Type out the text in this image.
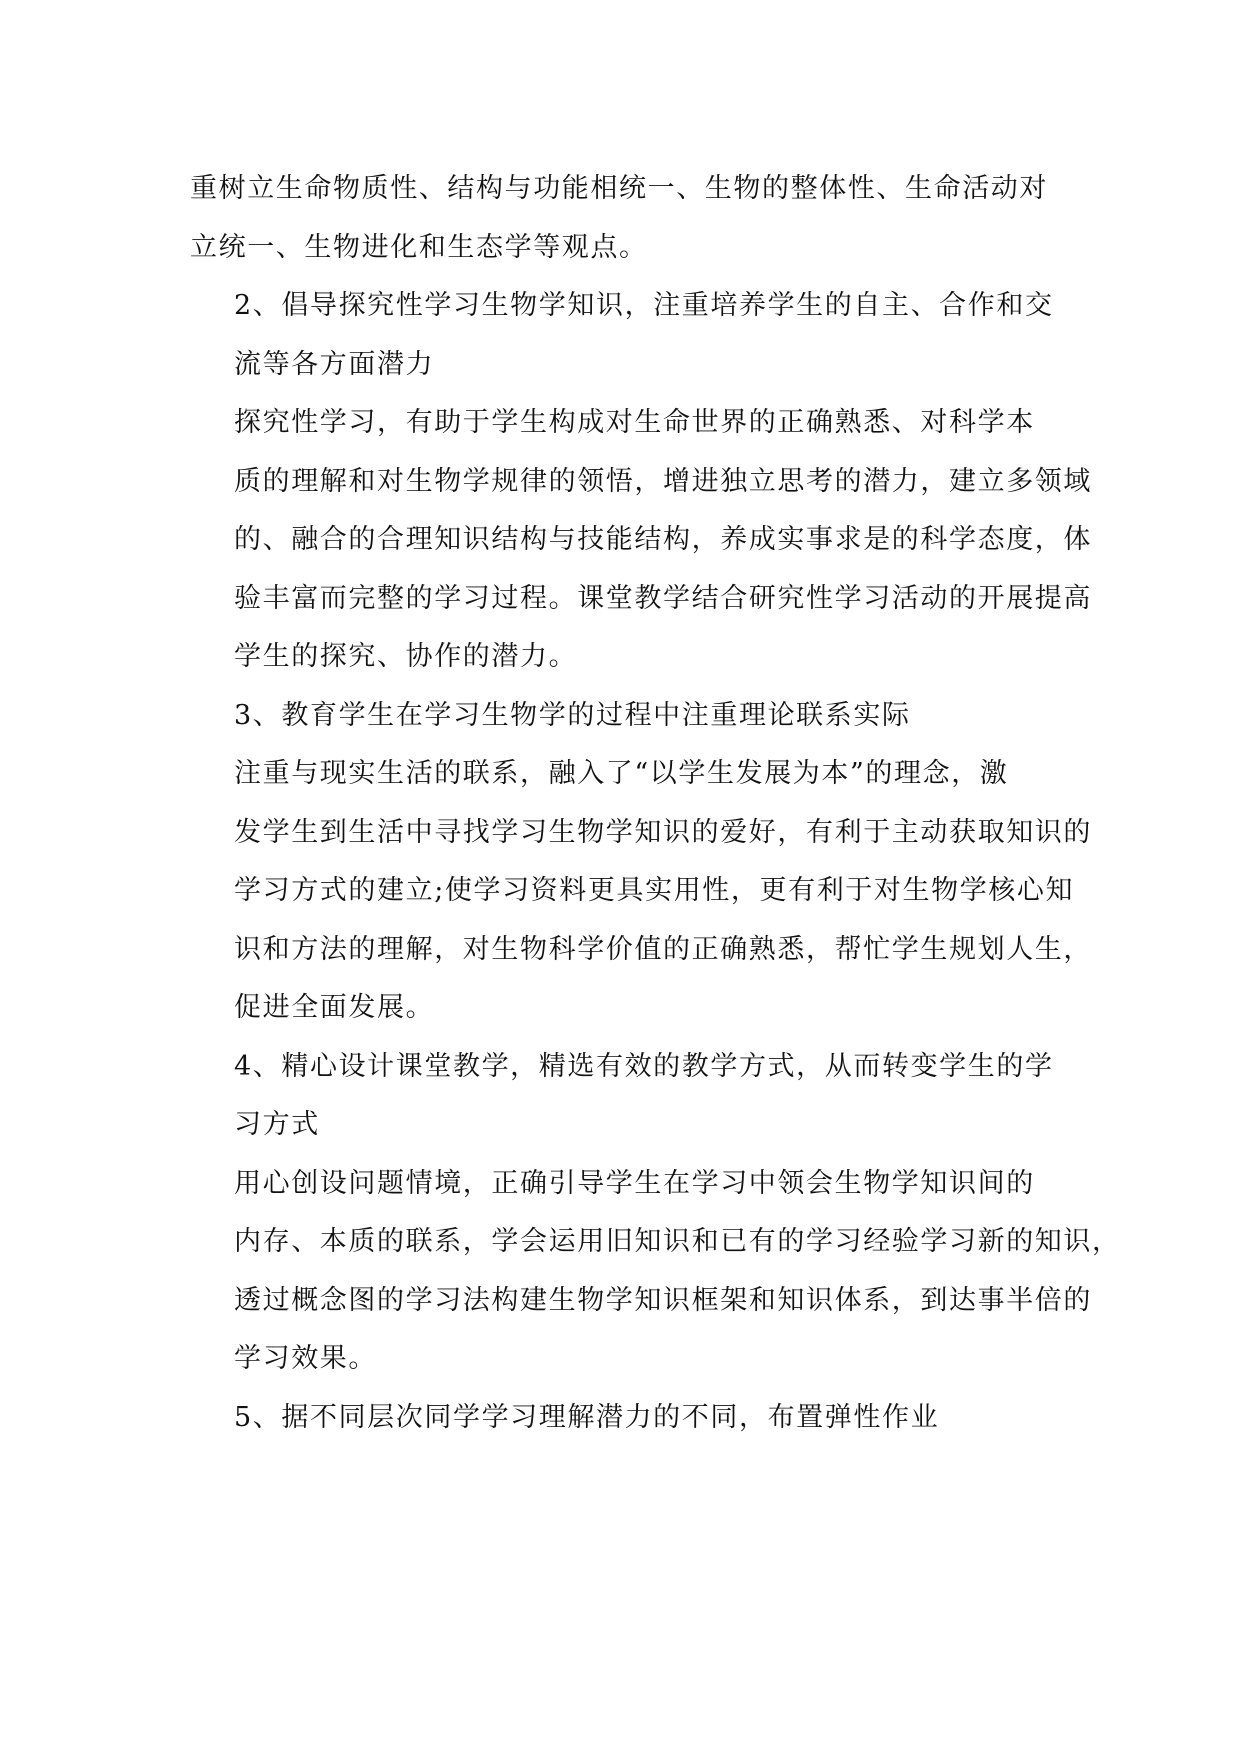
重树立生命物质性、结构与功能相统一、生物的整体性、生命活动对
立统一、生物进化和生态学等观点。

2、倡导探究性学习生物学知识，注重培养学生的自主、合作和交
流等各方面潜力

探究性学习，有助于学生构成对生命世界的正确熟悉、对科学本
质的理解和对生物学规律的领悟，增进独立思考的潜力，建立多领域
的、融合的合理知识结构与技能结构，养成实事求是的科学态度，体
验丰富而完整的学习过程。课堂教学结合研究性学习活动的开展提高
学生的探究、协作的潜力。

3、教育学生在学习生物学的过程中注重理论联系实际

注重与现实生活的联系，融入了“以学生发展为本”的理念，激
发学生到生活中寻找学习生物学知识的爱好，有利于主动获取知识的
学习方式的建立;使学习资料更具实用性，更有利于对生物学核心知
识和方法的理解，对生物科学价值的正确熟悉，帮忙学生规划人生，
促进全面发展。

4、精心设计课堂教学，精选有效的教学方式，从而转变学生的学
习方式

用心创设问题情境，正确引导学生在学习中领会生物学知识间的
内存、本质的联系，学会运用旧知识和已有的学习经验学习新的知识，
透过概念图的学习法构建生物学知识框架和知识体系，到达事半倍的
学习效果。

5、据不同层次同学学习理解潜力的不同，布置弹性作业
